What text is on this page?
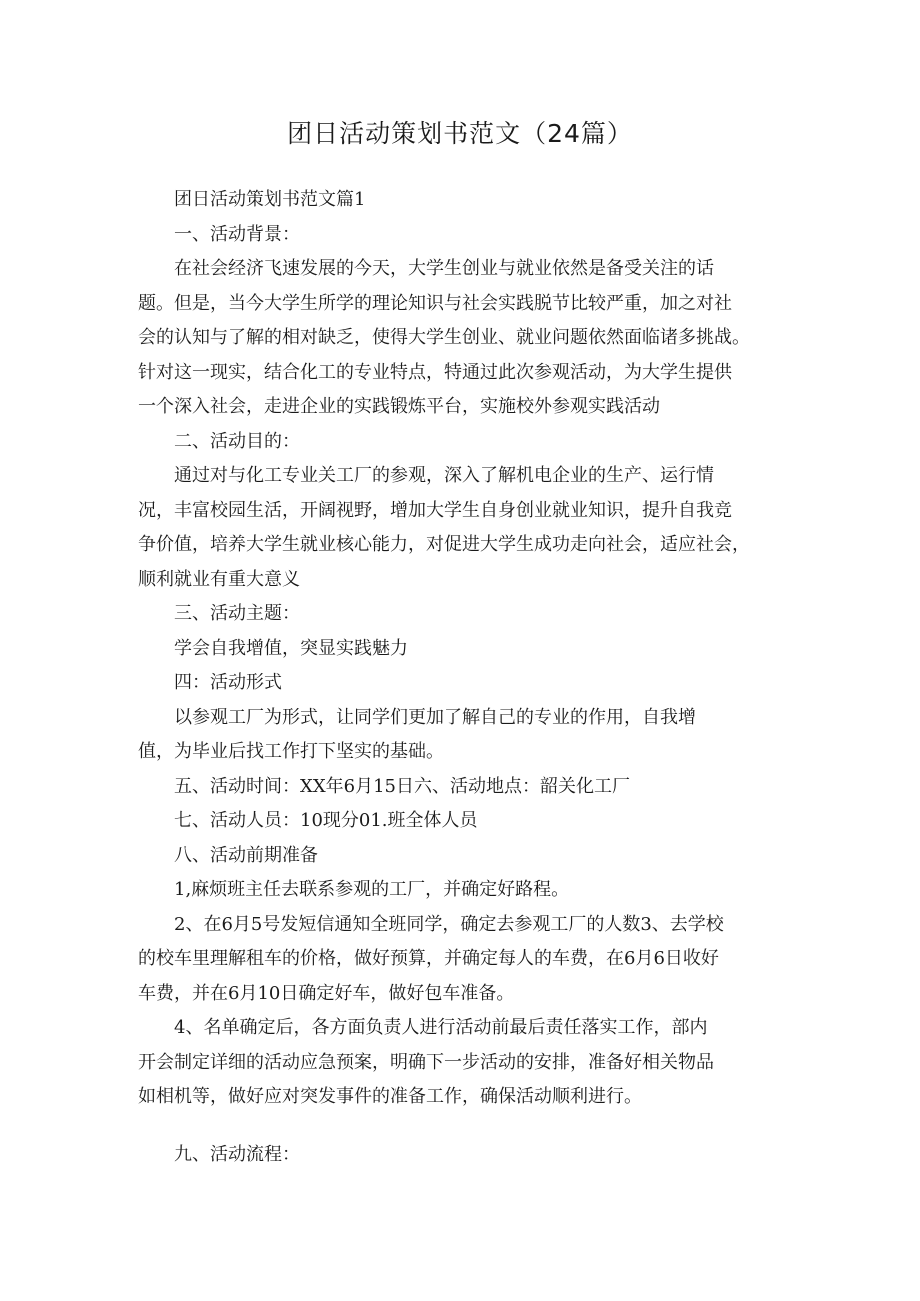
团日活动策划书范文（24篇）

团日活动策划书范文篇1

一、活动背景：

在社会经济飞速发展的今天，大学生创业与就业依然是备受关注的话

题。但是，当今大学生所学的理论知识与社会实践脱节比较严重，加之对社

会的认知与了解的相对缺乏，使得大学生创业、就业问题依然面临诸多挑战。

针对这一现实，结合化工的专业特点，特通过此次参观活动，为大学生提供

一个深入社会，走进企业的实践锻炼平台，实施校外参观实践活动

二、活动目的：

通过对与化工专业关工厂的参观，深入了解机电企业的生产、运行情

况，丰富校园生活，开阔视野，增加大学生自身创业就业知识，提升自我竞

争价值，培养大学生就业核心能力，对促进大学生成功走向社会，适应社会，

顺利就业有重大意义

三、活动主题：

学会自我增值，突显实践魅力

四：活动形式

以参观工厂为形式，让同学们更加了解自己的专业的作用，自我增

值，为毕业后找工作打下坚实的基础。

五、活动时间：XX年6月15日六、活动地点：韶关化工厂

七、活动人员：10现分01.班全体人员

八、活动前期准备

1,麻烦班主任去联系参观的工厂，并确定好路程。

2、在6月5号发短信通知全班同学，确定去参观工厂的人数3、去学校

的校车里理解租车的价格，做好预算，并确定每人的车费，在6月6日收好

车费，并在6月10日确定好车，做好包车准备。

4、名单确定后，各方面负责人进行活动前最后责任落实工作，部内

开会制定详细的活动应急预案，明确下一步活动的安排，准备好相关物品

如相机等，做好应对突发事件的准备工作，确保活动顺利进行。

九、活动流程：
